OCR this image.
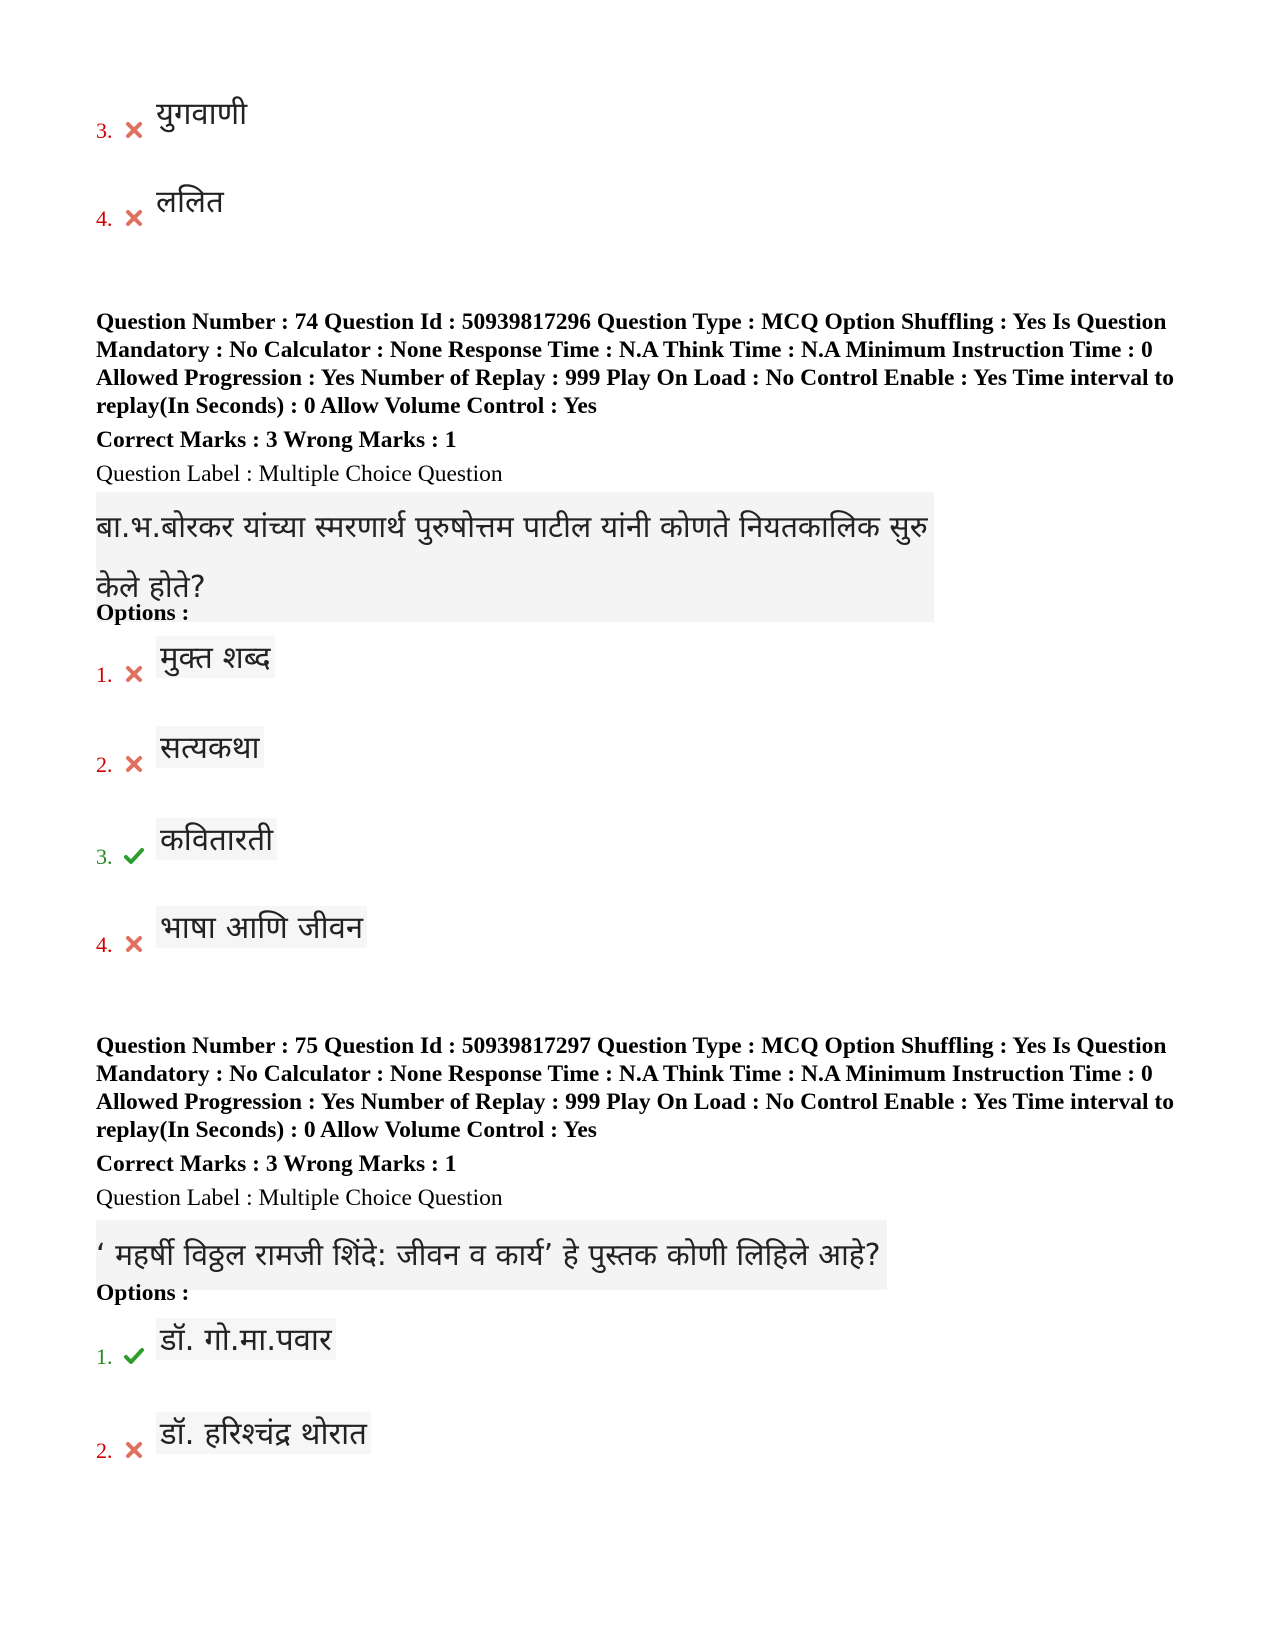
3. युगवाणी
4. ललित

Question Number : 74 Question Id : 50939817296 Question Type : MCQ Option Shuffling : Yes Is Question Mandatory : No Calculator : None Response Time : N.A Think Time : N.A Minimum Instruction Time : 0 Allowed Progression : Yes Number of Replay : 999 Play On Load : No Control Enable : Yes Time interval to replay(In Seconds) : 0 Allow Volume Control : Yes

Correct Marks : 3 Wrong Marks : 1
Question Label : Multiple Choice Question
बा.भ.बोरकर यांच्या स्मरणार्थ पुरुषोत्तम पाटील यांनी कोणते नियतकालिक सुरु
केले होते?
Options :
1. मुक्त शब्द
2. सत्यकथा
3. कवितारती
4. भाषा आणि जीवन

Question Number : 75 Question Id : 50939817297 Question Type : MCQ Option Shuffling : Yes Is Question Mandatory : No Calculator : None Response Time : N.A Think Time : N.A Minimum Instruction Time : 0 Allowed Progression : Yes Number of Replay : 999 Play On Load : No Control Enable : Yes Time interval to replay(In Seconds) : 0 Allow Volume Control : Yes

Correct Marks : 3 Wrong Marks : 1
Question Label : Multiple Choice Question
‘ महर्षी विठ्ठल रामजी शिंदे: जीवन व कार्य’ हे पुस्तक कोणी लिहिले आहे?
Options :
1. डॉ. गो.मा.पवार
2. डॉ. हरिश्चंद्र थोरात
